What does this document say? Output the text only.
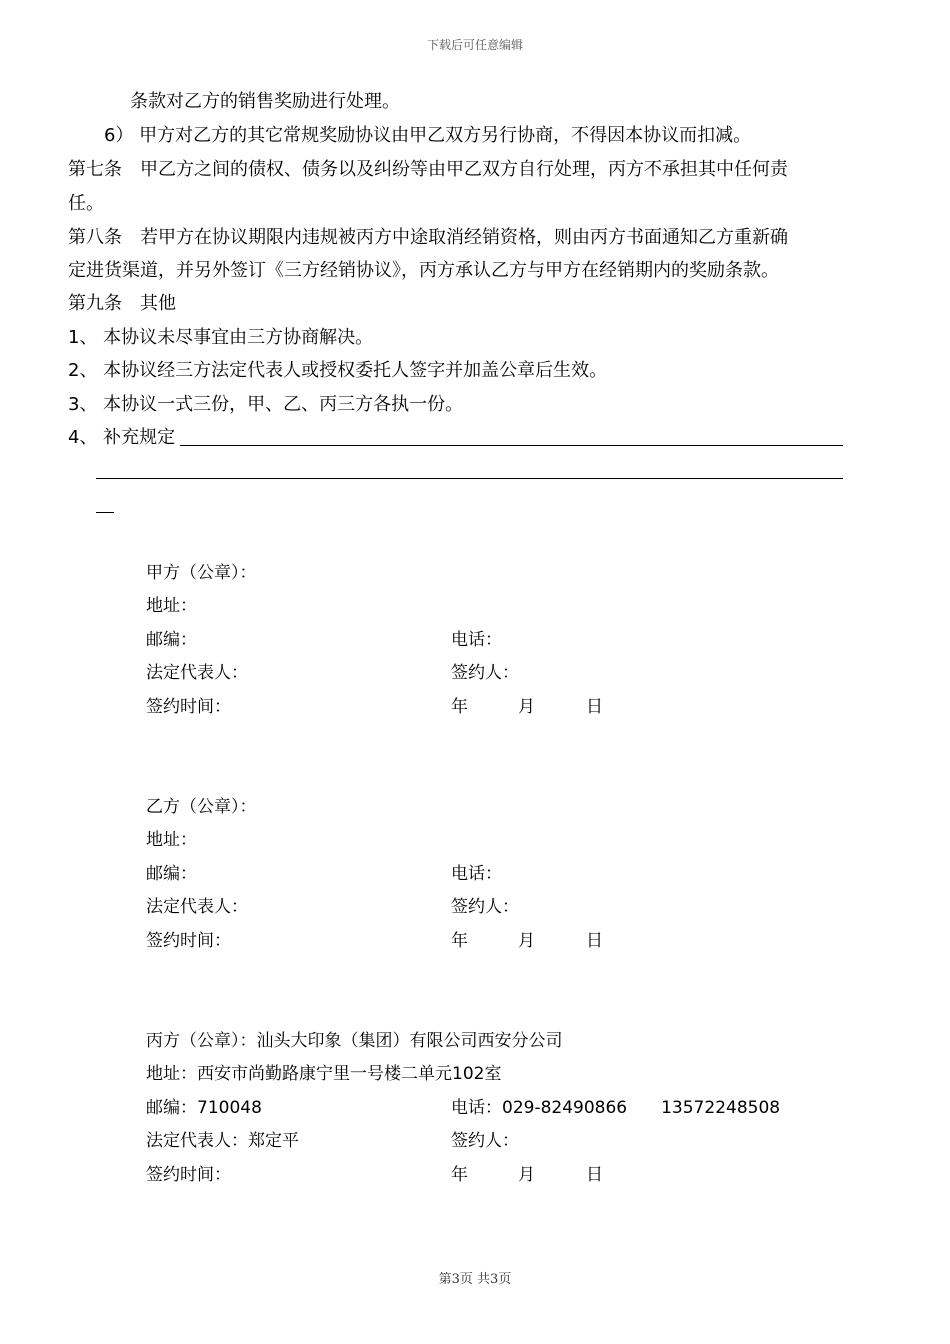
下载后可任意编辑
条款对乙方的销售奖励进行处理。
6） 甲方对乙方的其它常规奖励协议由甲乙双方另行协商，不得因本协议而扣减。
第七条　甲乙方之间的债权、债务以及纠纷等由甲乙双方自行处理，丙方不承担其中任何责
任。
第八条　若甲方在协议期限内违规被丙方中途取消经销资格，则由丙方书面通知乙方重新确
定进货渠道，并另外签订《三方经销协议》，丙方承认乙方与甲方在经销期内的奖励条款。
第九条　其他
1、 本协议未尽事宜由三方协商解决。
2、 本协议经三方法定代表人或授权委托人签字并加盖公章后生效。
3、 本协议一式三份，甲、乙、丙三方各执一份。
4、 补充规定
甲方（公章）：
地址：
邮编：	电话：
法定代表人：	签约人：
签约时间：	年	月	日
乙方（公章）：
地址：
邮编：	电话：
法定代表人：	签约人：
签约时间：	年	月	日
丙方（公章）：汕头大印象（集团）有限公司西安分公司
地址：西安市尚勤路康宁里一号楼二单元102室
邮编：710048	电话：029-82490866　　13572248508
法定代表人：郑定平	签约人：
签约时间：	年	月	日
第3页 共3页
